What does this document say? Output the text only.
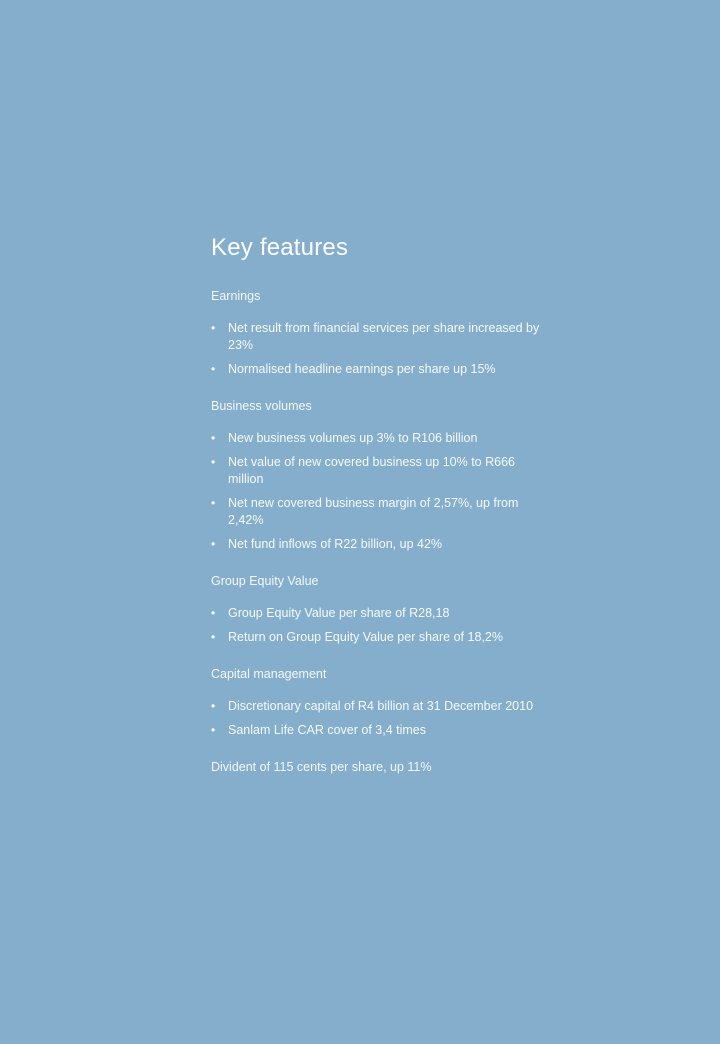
Key features
Earnings
• Net result from financial services per share increased by 23%
• Normalised headline earnings per share up 15%
Business volumes
• New business volumes up 3% to R106 billion
• Net value of new covered business up 10% to R666 million
• Net new covered business margin of 2,57%, up from 2,42%
• Net fund inflows of R22 billion, up 42%
Group Equity Value
• Group Equity Value per share of R28,18
• Return on Group Equity Value per share of 18,2%
Capital management
• Discretionary capital of R4 billion at 31 December 2010
• Sanlam Life CAR cover of 3,4 times
Divident of 115 cents per share, up 11%
